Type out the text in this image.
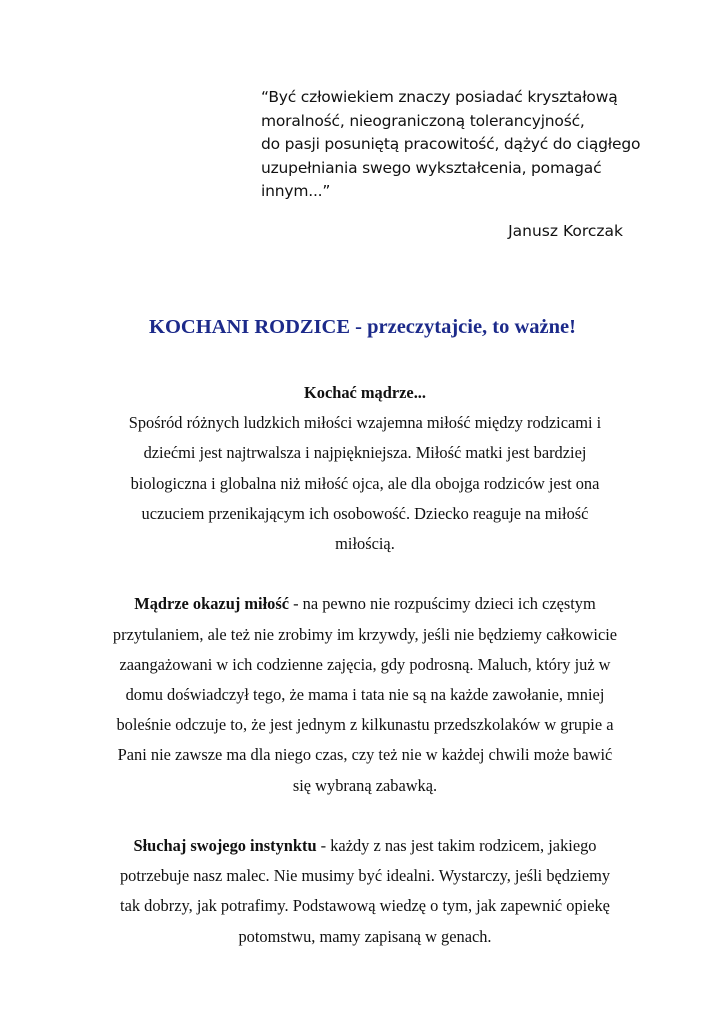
“Być człowiekiem znaczy posiadać kryształową
moralność, nieograniczoną tolerancyjność,
do pasji posuniętą pracowitość, dążyć do ciągłego
uzupełniania swego wykształcenia, pomagać
innym...”
Janusz Korczak
KOCHANI RODZICE - przeczytajcie, to ważne!
Kochać mądrze...
Spośród różnych ludzkich miłości wzajemna miłość między rodzicami i
dziećmi jest najtrwalsza i najpiękniejsza. Miłość matki jest bardziej
biologiczna i globalna niż miłość ojca, ale dla obojga rodziców jest ona
uczuciem przenikającym ich osobowość. Dziecko reaguje na miłość
miłością.
Mądrze okazuj miłość - na pewno nie rozpuścimy dzieci ich częstym
przytulaniem, ale też nie zrobimy im krzywdy, jeśli nie będziemy całkowicie
zaangażowani w ich codzienne zajęcia, gdy podrosną. Maluch, który już w
domu doświadczył tego, że mama i tata nie są na każde zawołanie, mniej
boleśnie odczuje to, że jest jednym z kilkunastu przedszkolaków w grupie a
Pani nie zawsze ma dla niego czas, czy też nie w każdej chwili może bawić
się wybraną zabawką.
Słuchaj swojego instynktu - każdy z nas jest takim rodzicem, jakiego
potrzebuje nasz malec. Nie musimy być idealni. Wystarczy, jeśli będziemy
tak dobrzy, jak potrafimy. Podstawową wiedzę o tym, jak zapewnić opiekę
potomstwu, mamy zapisaną w genach.
